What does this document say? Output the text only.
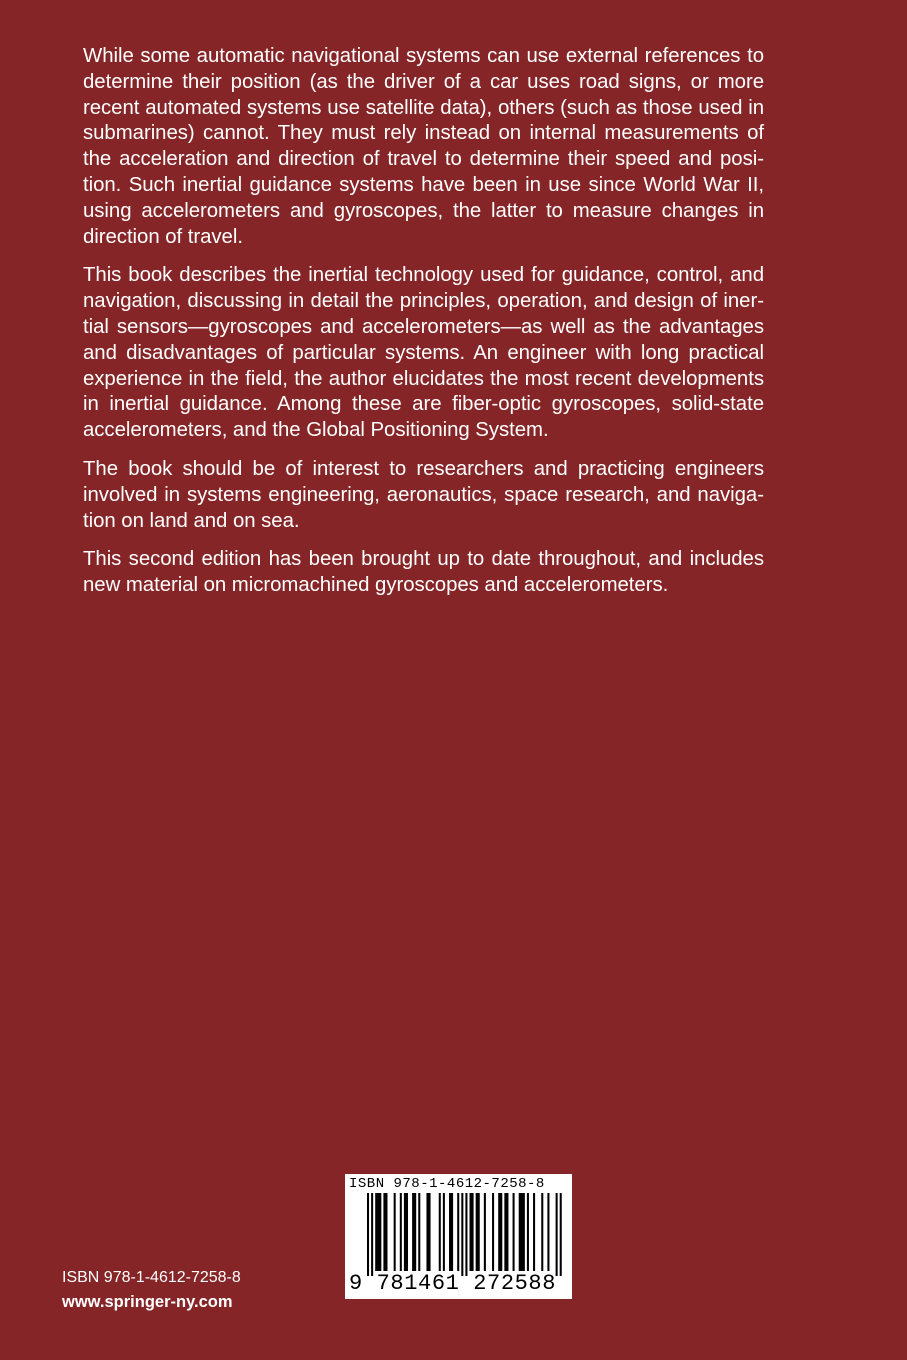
While some automatic navigational systems can use external references to determine their position (as the driver of a car uses road signs, or more recent automated systems use satellite data), others (such as those used in submarines) cannot. They must rely instead on internal measurements of the acceleration and direction of travel to determine their speed and position. Such inertial guidance systems have been in use since World War II, using accelerometers and gyroscopes, the latter to measure changes in direction of travel.

This book describes the inertial technology used for guidance, control, and navigation, discussing in detail the principles, operation, and design of inertial sensors—gyroscopes and accelerometers—as well as the advantages and disadvantages of particular systems. An engineer with long practical experience in the field, the author elucidates the most recent developments in inertial guidance. Among these are fiber-optic gyroscopes, solid-state accelerometers, and the Global Positioning System.

The book should be of interest to researchers and practicing engineers involved in systems engineering, aeronautics, space research, and navigation on land and on sea.

This second edition has been brought up to date throughout, and includes new material on micromachined gyroscopes and accelerometers.

ISBN 978-1-4612-7258-8
www.springer-ny.com
ISBN 978-1-4612-7258-8
9 781461 272588
